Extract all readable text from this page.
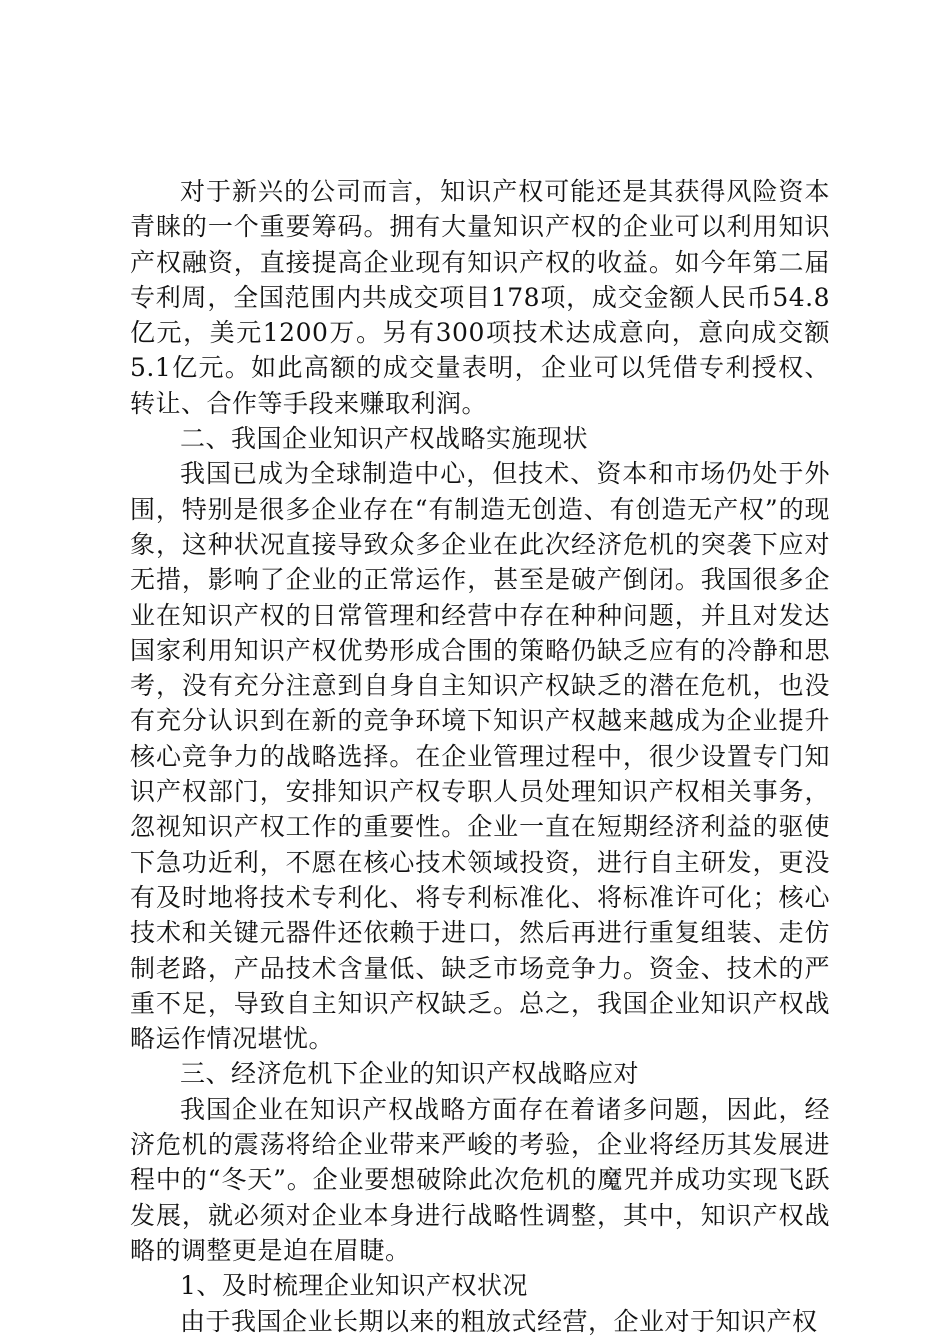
对于新兴的公司而言，知识产权可能还是其获得风险资本青睐的一个重要筹码。拥有大量知识产权的企业可以利用知识产权融资，直接提高企业现有知识产权的收益。如今年第二届专利周，全国范围内共成交项目178项，成交金额人民币54.8亿元，美元1200万。另有300项技术达成意向，意向成交额5.1亿元。如此高额的成交量表明，企业可以凭借专利授权、转让、合作等手段来赚取利润。

二、我国企业知识产权战略实施现状

我国已成为全球制造中心，但技术、资本和市场仍处于外围，特别是很多企业存在“有制造无创造、有创造无产权”的现象，这种状况直接导致众多企业在此次经济危机的突袭下应对无措，影响了企业的正常运作，甚至是破产倒闭。我国很多企业在知识产权的日常管理和经营中存在种种问题，并且对发达国家利用知识产权优势形成合围的策略仍缺乏应有的冷静和思考，没有充分注意到自身自主知识产权缺乏的潜在危机，也没有充分认识到在新的竞争环境下知识产权越来越成为企业提升核心竞争力的战略选择。在企业管理过程中，很少设置专门知识产权部门，安排知识产权专职人员处理知识产权相关事务，忽视知识产权工作的重要性。企业一直在短期经济利益的驱使下急功近利，不愿在核心技术领域投资，进行自主研发，更没有及时地将技术专利化、将专利标准化、将标准许可化；核心技术和关键元器件还依赖于进口，然后再进行重复组装、走仿制老路，产品技术含量低、缺乏市场竞争力。资金、技术的严重不足，导致自主知识产权缺乏。总之，我国企业知识产权战略运作情况堪忧。

三、经济危机下企业的知识产权战略应对

我国企业在知识产权战略方面存在着诸多问题，因此，经济危机的震荡将给企业带来严峻的考验，企业将经历其发展进程中的“冬天”。企业要想破除此次危机的魔咒并成功实现飞跃发展，就必须对企业本身进行战略性调整，其中，知识产权战略的调整更是迫在眉睫。

1、及时梳理企业知识产权状况

由于我国企业长期以来的粗放式经营，企业对于知识产权
